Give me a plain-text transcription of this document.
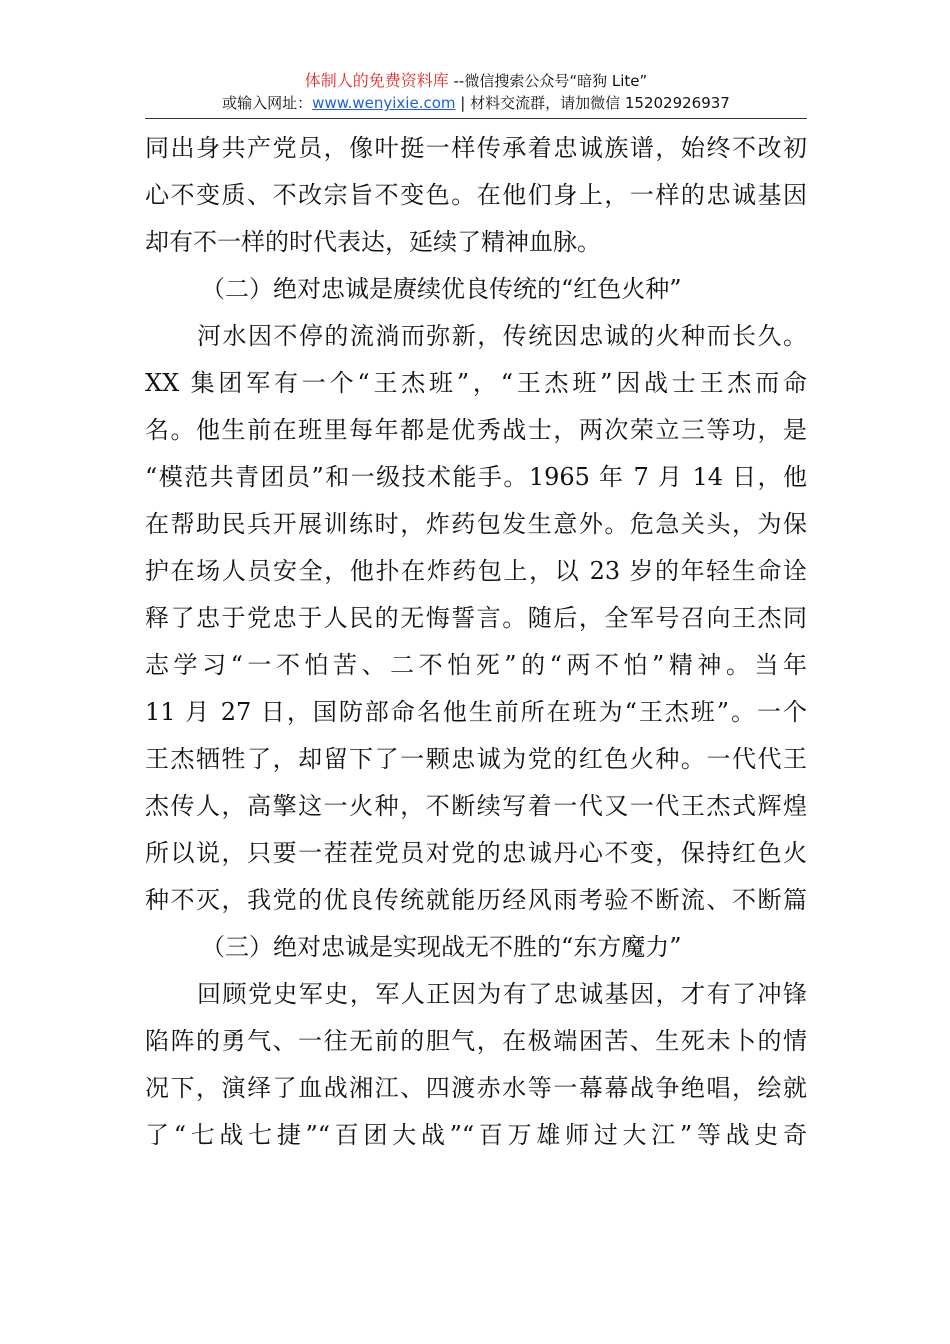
体制人的免费资料库 --微信搜索公众号“暗狗 Lite”
或输入网址：www.wenyixie.com | 材料交流群，请加微信 15202926937
同出身共产党员，像叶挺一样传承着忠诚族谱，始终不改初
心不变质、不改宗旨不变色。在他们身上，一样的忠诚基因
却有不一样的时代表达，延续了精神血脉。
（二）绝对忠诚是赓续优良传统的“红色火种”
河水因不停的流淌而弥新，传统因忠诚的火种而长久。
XX 集团军有一个“王杰班”，“王杰班”因战士王杰而命
名。他生前在班里每年都是优秀战士，两次荣立三等功，是
“模范共青团员”和一级技术能手。1965 年 7 月 14 日，他
在帮助民兵开展训练时，炸药包发生意外。危急关头，为保
护在场人员安全，他扑在炸药包上，以 23 岁的年轻生命诠
释了忠于党忠于人民的无悔誓言。随后，全军号召向王杰同
志学习“一不怕苦、二不怕死”的“两不怕”精神。当年
11 月 27 日，国防部命名他生前所在班为“王杰班”。一个
王杰牺牲了，却留下了一颗忠诚为党的红色火种。一代代王
杰传人，高擎这一火种，不断续写着一代又一代王杰式辉煌
所以说，只要一茬茬党员对党的忠诚丹心不变，保持红色火
种不灭，我党的优良传统就能历经风雨考验不断流、不断篇
（三）绝对忠诚是实现战无不胜的“东方魔力”
回顾党史军史，军人正因为有了忠诚基因，才有了冲锋
陷阵的勇气、一往无前的胆气，在极端困苦、生死未卜的情
况下，演绎了血战湘江、四渡赤水等一幕幕战争绝唱，绘就
了“七战七捷”“百团大战”“百万雄师过大江”等战史奇
